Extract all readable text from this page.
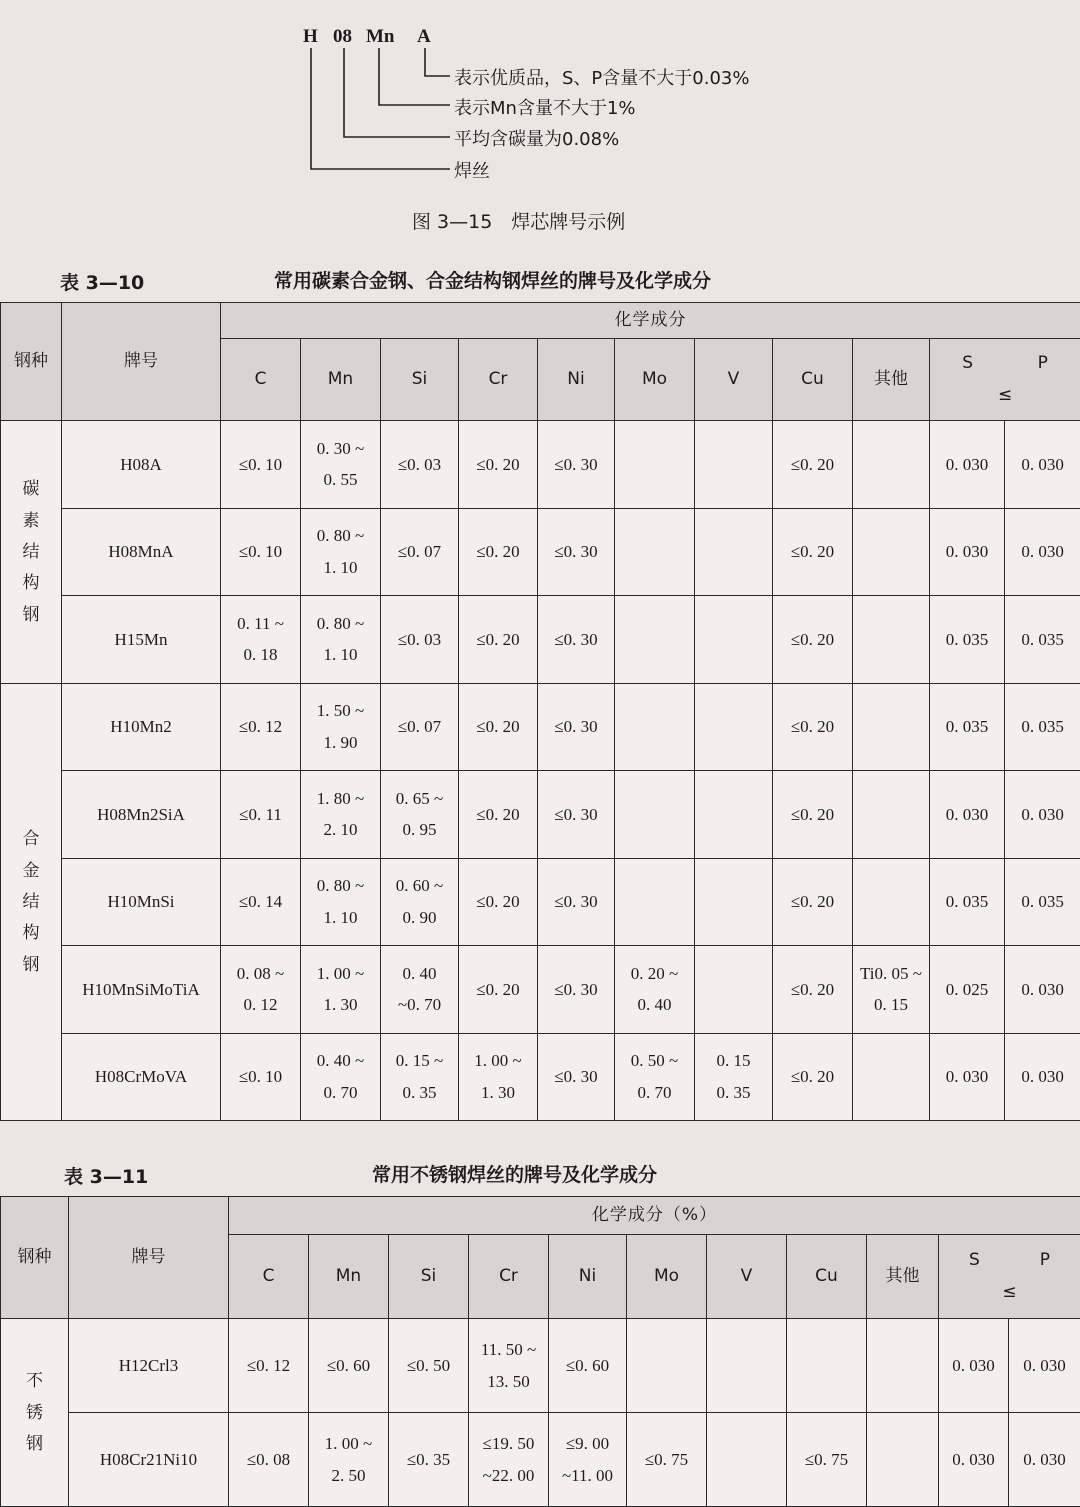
H 08 Mn A
表示优质品，S、P含量不大于0.03%
表示Mn含量不大于1%
平均含碳量为0.08%
焊丝
图 3—15　焊芯牌号示例
表 3—10	常用碳素合金钢、合金结构钢焊丝的牌号及化学成分
钢种	牌号	化学成分										
		C	Mn	Si	Cr	Ni	Mo	V	Cu	其他	S P
≤	

碳素结构钢	H08A	≤0. 10	0. 30 ~
0. 55	≤0. 03	≤0. 20	≤0. 30			≤0. 20		0. 030	0. 030
	H08MnA	≤0. 10	0. 80 ~
1. 10	≤0. 07	≤0. 20	≤0. 30			≤0. 20		0. 030	0. 030
	H15Mn	0. 11 ~
0. 18	0. 80 ~
1. 10	≤0. 03	≤0. 20	≤0. 30			≤0. 20		0. 035	0. 035
合金结构钢	H10Mn2	≤0. 12	1. 50 ~
1. 90	≤0. 07	≤0. 20	≤0. 30			≤0. 20		0. 035	0. 035
	H08Mn2SiA	≤0. 11	1. 80 ~
2. 10	0. 65 ~
0. 95	≤0. 20	≤0. 30			≤0. 20		0. 030	0. 030
	H10MnSi	≤0. 14	0. 80 ~
1. 10	0. 60 ~
0. 90	≤0. 20	≤0. 30			≤0. 20		0. 035	0. 035
	H10MnSiMoTiA	0. 08 ~
0. 12	1. 00 ~
1. 30	0. 40
~0. 70	≤0. 20	≤0. 30	0. 20 ~
0. 40		≤0. 20	Ti0. 05 ~
0. 15	0. 025	0. 030
	H08CrMoVA	≤0. 10	0. 40 ~
0. 70	0. 15 ~
0. 35	1. 00 ~
1. 30	≤0. 30	0. 50 ~
0. 70	0. 15
0. 35	≤0. 20		0. 030	0. 030
表 3—11	常用不锈钢焊丝的牌号及化学成分
钢种	牌号	化学成分（%）										
		C	Mn	Si	Cr	Ni	Mo	V	Cu	其他	S P
≤	

不锈钢	H12Crl3	≤0. 12	≤0. 60	≤0. 50	11. 50 ~
13. 50	≤0. 60					0. 030	0. 030
	H08Cr21Ni10	≤0. 08	1. 00 ~
2. 50	≤0. 35	≤19. 50
~22. 00	≤9. 00
~11. 00	≤0. 75		≤0. 75		0. 030	0. 030
